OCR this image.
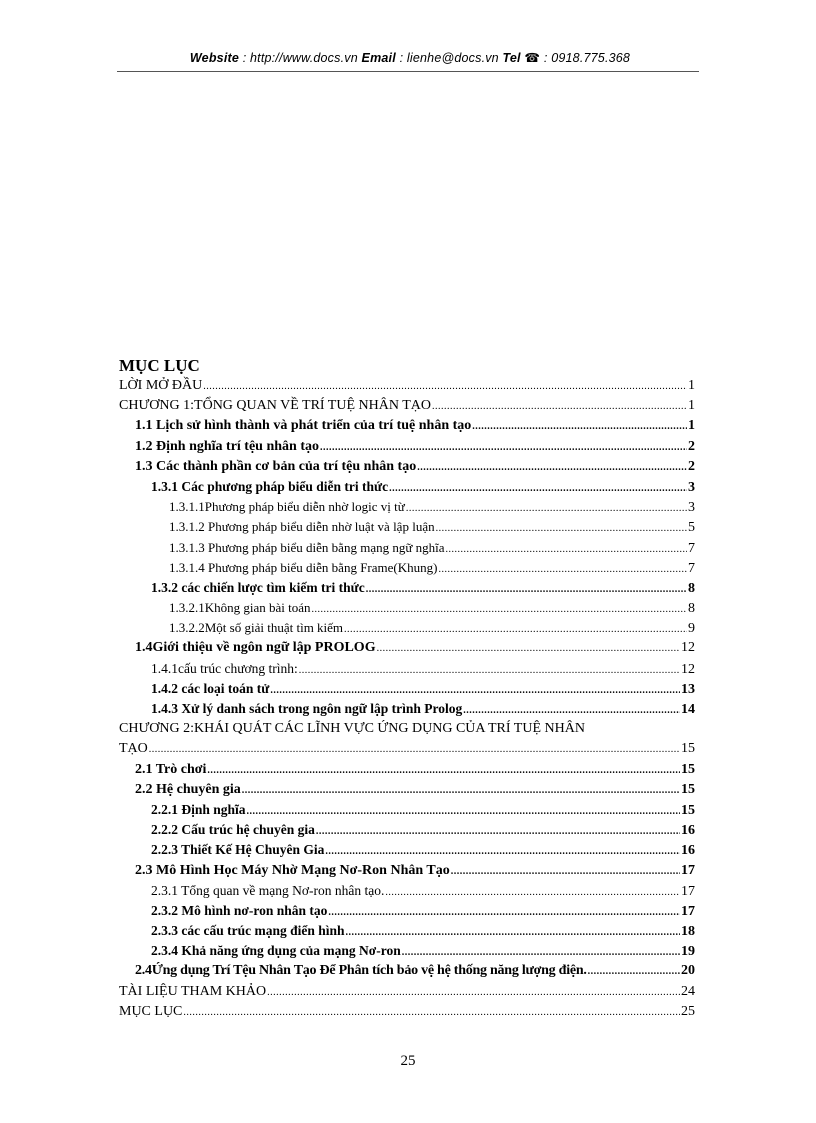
Website : http://www.docs.vn Email : lienhe@docs.vn Tel ☎ : 0918.775.368
MỤC LỤC
LỜI MỞ ĐẦU .....	1
CHƯƠNG 1:TỔNG QUAN VỀ TRÍ TUỆ NHÂN TẠO .....	1
1.1 Lịch sử hình thành và phát triển của trí tuệ nhân tạo .....	1
1.2 Định nghĩa trí tệu nhân tạo .....	2
1.3 Các thành phần cơ bản của trí tệu nhân tạo .....	2
1.3.1 Các phương pháp biểu diễn tri thức .....	3
1.3.1.1Phương pháp biểu diễn nhờ logic vị từ .....	3
1.3.1.2 Phương pháp biểu diễn nhờ luật và lập luận .....	5
1.3.1.3 Phương pháp biểu diễn bằng mạng ngữ nghĩa .....	7
1.3.1.4 Phương pháp biểu diễn bằng Frame(Khung) .....	7
1.3.2 các chiến lược tìm kiếm tri thức .....	8
1.3.2.1Không gian bài toán .....	8
1.3.2.2Một số giải thuật tìm kiếm .....	9
1.4Giới thiệu về ngôn ngữ lập PROLOG .....	12
1.4.1cấu trúc chương trình: .....	12
1.4.2 các loại toán tử .....	13
1.4.3 Xử lý danh sách trong ngôn ngữ lập trình Prolog .....	14
CHƯƠNG 2:KHÁI QUÁT CÁC LĨNH VỰC ỨNG DỤNG CỦA TRÍ TUỆ NHÂN
TẠO .....	15
2.1 Trò chơi .....	15
2.2 Hệ chuyên gia .....	15
2.2.1 Định nghĩa .....	15
2.2.2 Cấu trúc hệ chuyên gia .....	16
2.2.3 Thiết Kế Hệ Chuyên Gia .....	16
2.3 Mô Hình Học Máy Nhờ Mạng Nơ-Ron Nhân Tạo .....	17
2.3.1 Tổng quan về mạng Nơ-ron nhân tạo. .....	17
2.3.2 Mô hình nơ-ron nhân tạo .....	17
2.3.3 các cấu trúc mạng điển hình .....	18
2.3.4 Khả năng ứng dụng của mạng Nơ-ron .....	19
2.4Ứng dụng Trí Tệu Nhân Tạo Để Phân tích bảo vệ hệ thống năng lượng điện. .....	20
TÀI LIỆU THAM KHẢO .....	24
MỤC LỤC .....	25
25
